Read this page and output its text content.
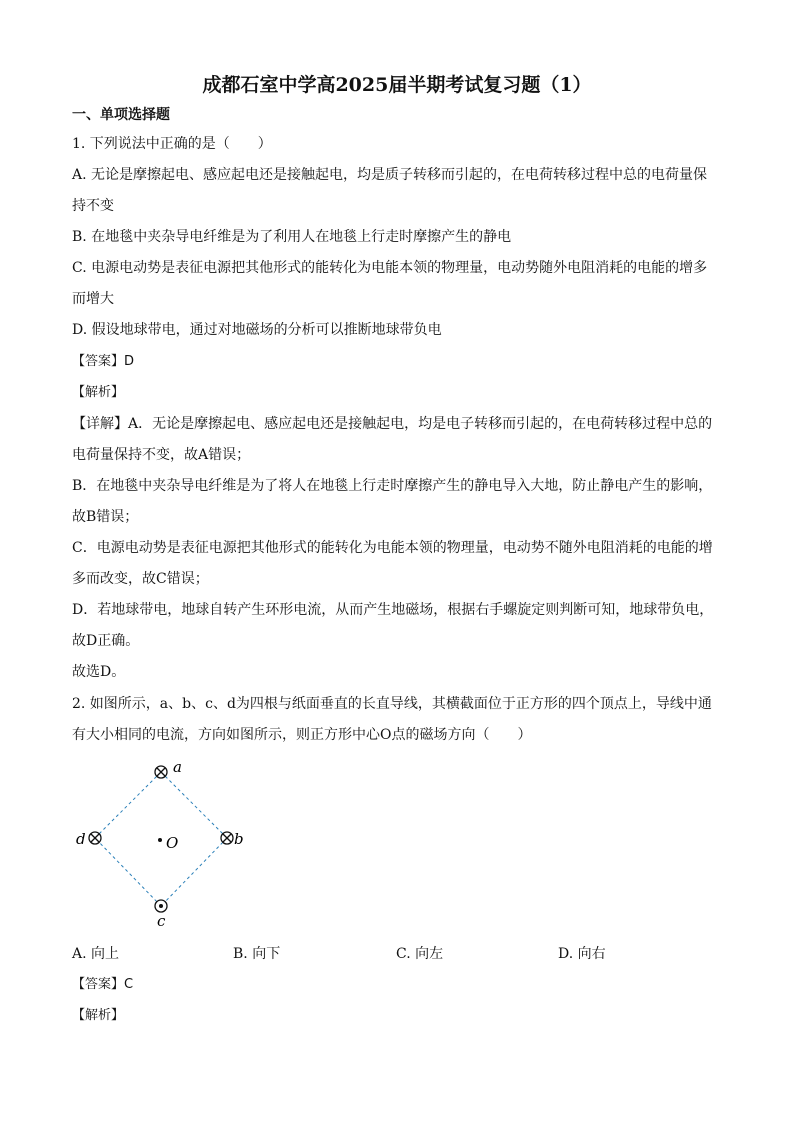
成都石室中学高2025届半期考试复习题（1）
一、单项选择题
1. 下列说法中正确的是（　　）
A. 无论是摩擦起电、感应起电还是接触起电，均是质子转移而引起的，在电荷转移过程中总的电荷量保
持不变
B. 在地毯中夹杂导电纤维是为了利用人在地毯上行走时摩擦产生的静电
C. 电源电动势是表征电源把其他形式的能转化为电能本领的物理量，电动势随外电阻消耗的电能的增多
而增大
D. 假设地球带电，通过对地磁场的分析可以推断地球带负电
【答案】D
【解析】
【详解】A．无论是摩擦起电、感应起电还是接触起电，均是电子转移而引起的，在电荷转移过程中总的
电荷量保持不变，故A错误；
B．在地毯中夹杂导电纤维是为了将人在地毯上行走时摩擦产生的静电导入大地，防止静电产生的影响，
故B错误；
C．电源电动势是表征电源把其他形式的能转化为电能本领的物理量，电动势不随外电阻消耗的电能的增
多而改变，故C错误；
D．若地球带电，地球自转产生环形电流，从而产生地磁场，根据右手螺旋定则判断可知，地球带负电，
故D正确。
故选D。
2. 如图所示，a、b、c、d为四根与纸面垂直的长直导线，其横截面位于正方形的四个顶点上，导线中通
有大小相同的电流，方向如图所示，则正方形中心O点的磁场方向（　　）
a
b
c
d	O
A. 向上	B. 向下	C. 向左	D. 向右
【答案】C
【解析】
